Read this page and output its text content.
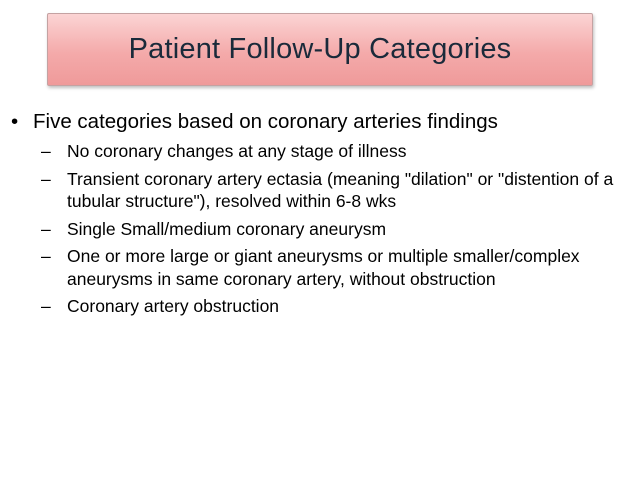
Patient Follow-Up Categories
• Five categories based on coronary arteries findings
– No coronary changes at any stage of illness
– Transient coronary artery ectasia (meaning "dilation" or "distention of a tubular structure"), resolved within 6-8 wks
– Single Small/medium coronary aneurysm
– One or more large or giant aneurysms or multiple smaller/complex aneurysms in same coronary artery, without obstruction
– Coronary artery obstruction
